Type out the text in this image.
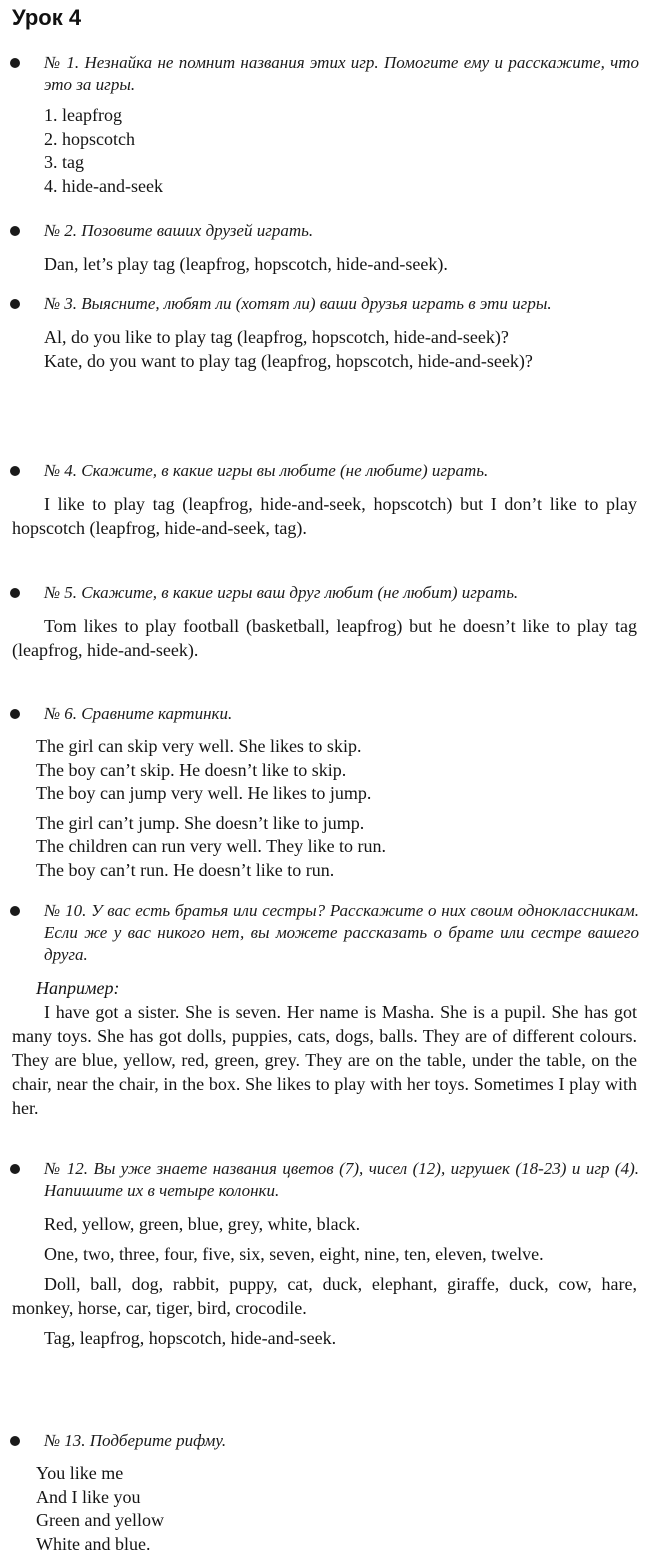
Урок 4

№ 1. Незнайка не помнит названия этих игр. Помогите ему и расскажите, что это за игры.

1. leapfrog
2. hopscotch
3. tag
4. hide-and-seek

№ 2. Позовите ваших друзей играть.

Dan, let’s play tag (leapfrog, hopscotch, hide-and-seek).

№ 3. Выясните, любят ли (хотят ли) ваши друзья играть в эти игры.

Al, do you like to play tag (leapfrog, hopscotch, hide-and-seek)?

Kate, do you want to play tag (leapfrog, hopscotch, hide-and-seek)?

№ 4. Скажите, в какие игры вы любите (не любите) играть.

I like to play tag (leapfrog, hide-and-seek, hopscotch) but I don’t like to play hopscotch (leapfrog, hide-and-seek, tag).

№ 5. Скажите, в какие игры ваш друг любит (не любит) играть.

Tom likes to play football (basketball, leapfrog) but he doesn’t like to play tag (leapfrog, hide-and-seek).

№ 6. Сравните картинки.

The girl can skip very well. She likes to skip.

The boy can’t skip. He doesn’t like to skip.

The boy can jump very well. He likes to jump.

The girl can’t jump. She doesn’t like to jump.

The children can run very well. They like to run.

The boy can’t run. He doesn’t like to run.

№ 10. У вас есть братья или сестры? Расскажите о них своим одноклассникам. Если же у вас никого нет, вы можете рассказать о брате или сестре вашего друга.

Например:

I have got a sister. She is seven. Her name is Masha. She is a pupil. She has got many toys. She has got dolls, puppies, cats, dogs, balls. They are of different colours. They are blue, yellow, red, green, grey. They are on the table, under the table, on the chair, near the chair, in the box. She likes to play with her toys. Sometimes I play with her.

№ 12. Вы уже знаете названия цветов (7), чисел (12), игрушек (18-23) и игр (4). Напишите их в четыре колонки.

Red, yellow, green, blue, grey, white, black.

One, two, three, four, five, six, seven, eight, nine, ten, eleven, twelve.

Doll, ball, dog, rabbit, puppy, cat, duck, elephant, giraffe, duck, cow, hare, monkey, horse, car, tiger, bird, crocodile.

Tag, leapfrog, hopscotch, hide-and-seek.

№ 13. Подберите рифму.

You like me

And I like you

Green and yellow

White and blue.
